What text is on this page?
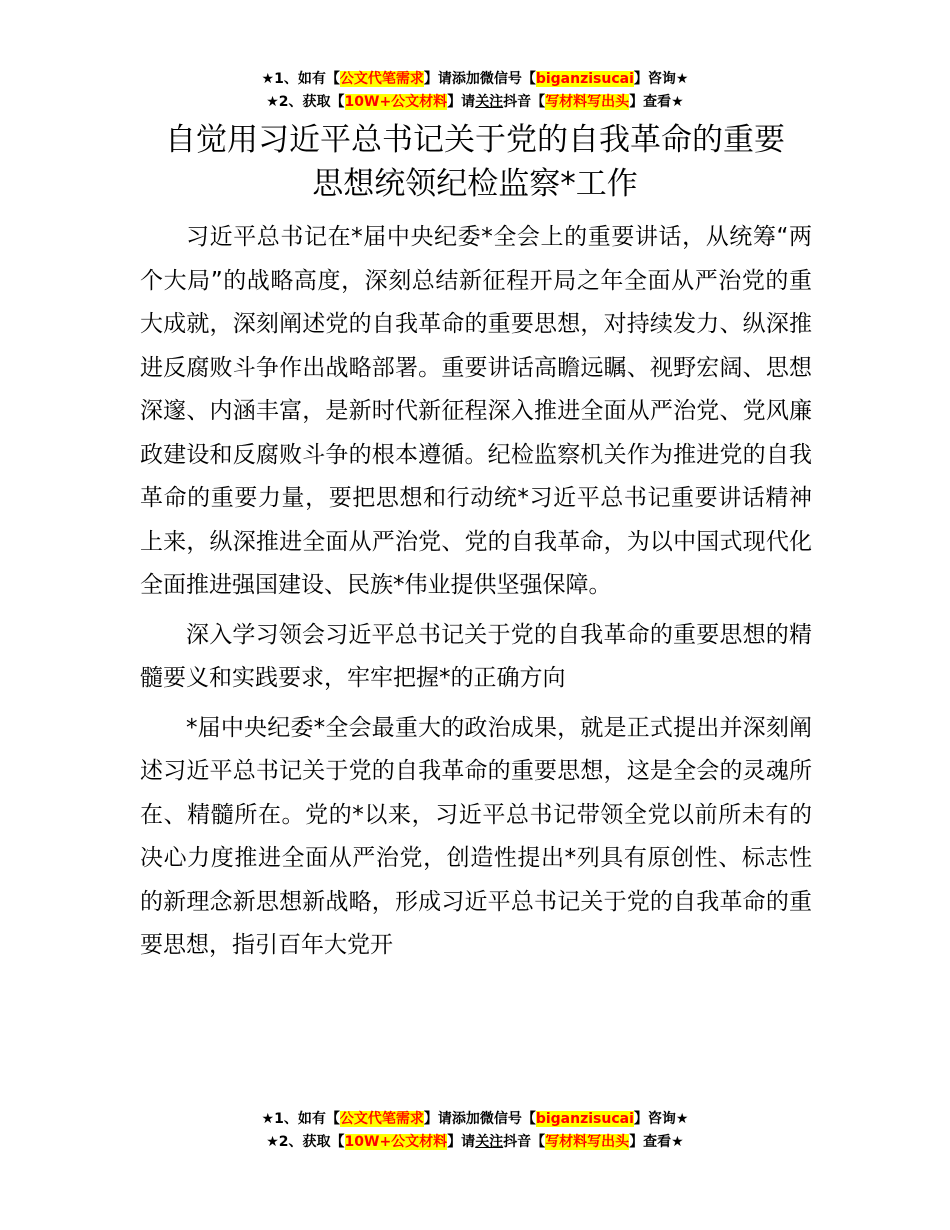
★1、如有【公文代笔需求】请添加微信号【biganzisucai】咨询★
★2、获取【10W+公文材料】请关注抖音【写材料写出头】查看★
自觉用习近平总书记关于党的自我革命的重要
思想统领纪检监察*工作

习近平总书记在*届中央纪委*全会上的重要讲话，从统筹“两个大局”的战略高度，深刻总结新征程开局之年全面从严治党的重大成就，深刻阐述党的自我革命的重要思想，对持续发力、纵深推进反腐败斗争作出战略部署。重要讲话高瞻远瞩、视野宏阔、思想深邃、内涵丰富，是新时代新征程深入推进全面从严治党、党风廉政建设和反腐败斗争的根本遵循。纪检监察机关作为推进党的自我革命的重要力量，要把思想和行动统*习近平总书记重要讲话精神上来，纵深推进全面从严治党、党的自我革命，为以中国式现代化全面推进强国建设、民族*伟业提供坚强保障。

深入学习领会习近平总书记关于党的自我革命的重要思想的精髓要义和实践要求，牢牢把握*的正确方向

*届中央纪委*全会最重大的政治成果，就是正式提出并深刻阐述习近平总书记关于党的自我革命的重要思想，这是全会的灵魂所在、精髓所在。党的*以来，习近平总书记带领全党以前所未有的决心力度推进全面从严治党，创造性提出*列具有原创性、标志性的新理念新思想新战略，形成习近平总书记关于党的自我革命的重要思想，指引百年大党开

★1、如有【公文代笔需求】请添加微信号【biganzisucai】咨询★
★2、获取【10W+公文材料】请关注抖音【写材料写出头】查看★
